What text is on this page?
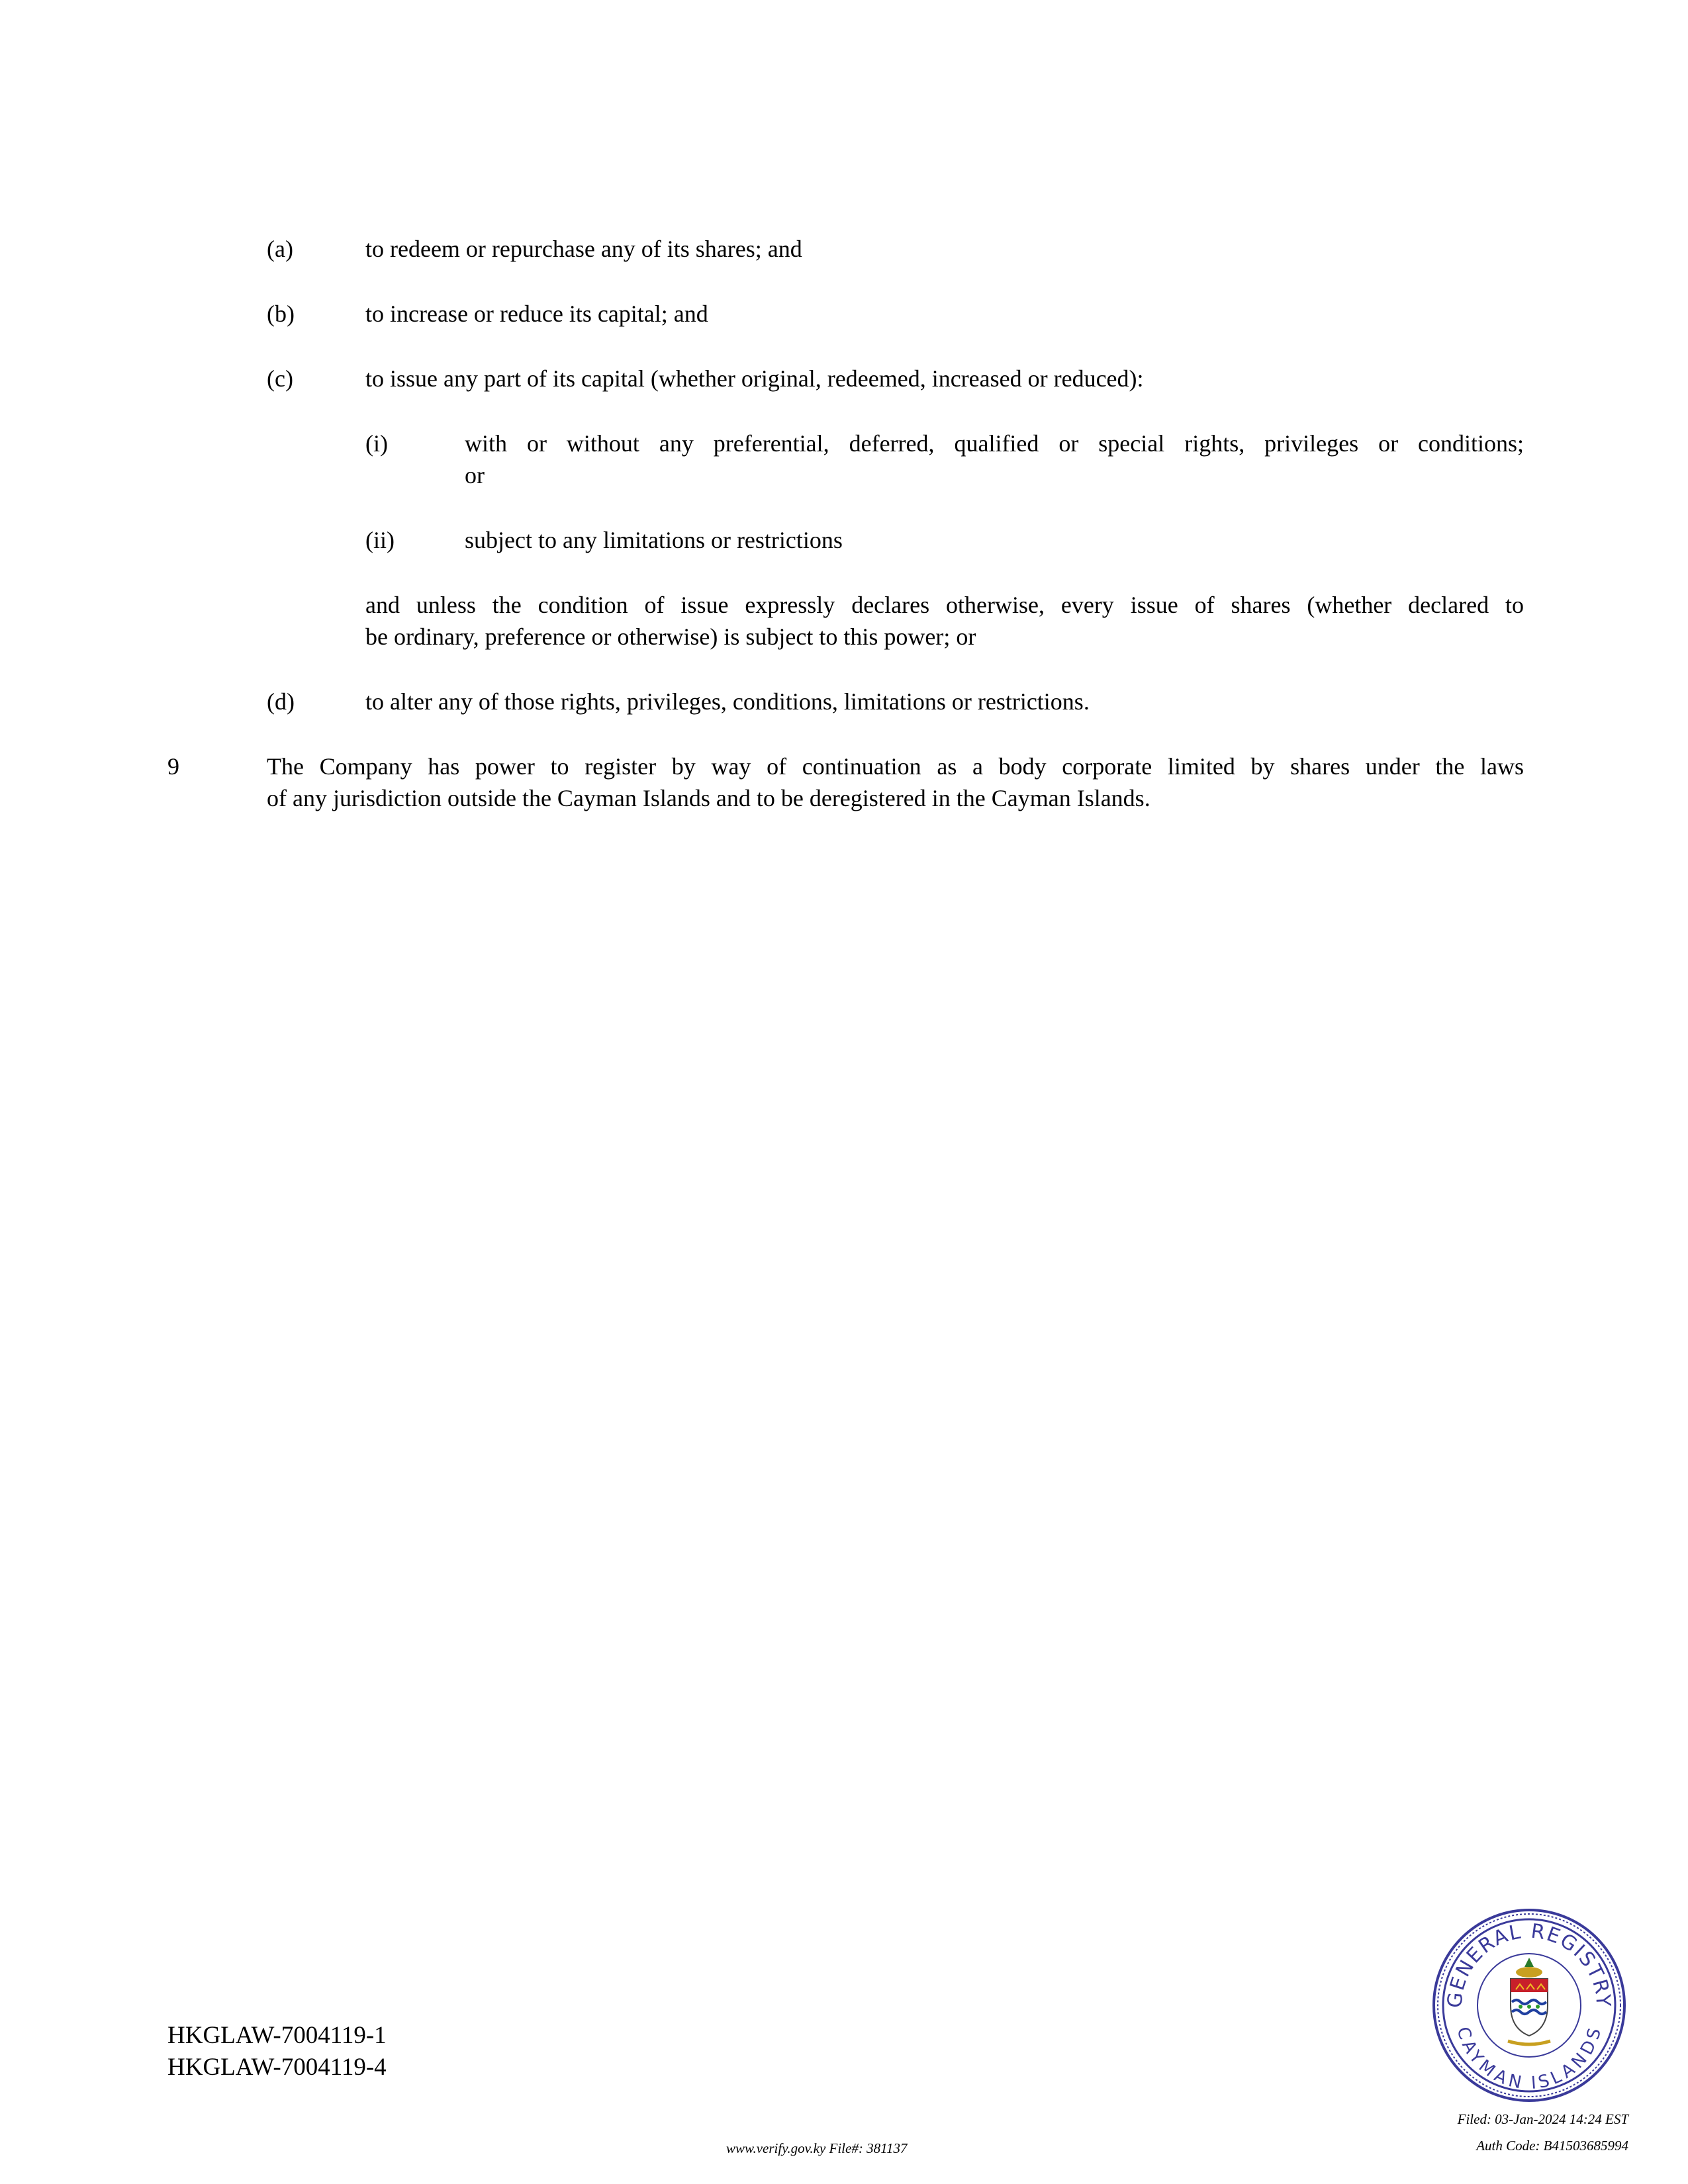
(a)	to redeem or repurchase any of its shares; and

(b)	to increase or reduce its capital; and

(c)	to issue any part of its capital (whether original, redeemed, increased or reduced):

(i)	with or without any preferential, deferred, qualified or special rights, privileges or conditions;

or

(ii)	subject to any limitations or restrictions

and unless the condition of issue expressly declares otherwise, every issue of shares (whether declared to

be ordinary, preference or otherwise) is subject to this power; or

(d)	to alter any of those rights, privileges, conditions, limitations or restrictions.

9	The Company has power to register by way of continuation as a body corporate limited by shares under the laws

of any jurisdiction outside the Cayman Islands and to be deregistered in the Cayman Islands.

HKGLAW-7004119-1
HKGLAW-7004119-4
GENERAL REGISTRY
CAYMAN ISLANDS
Filed: 03-Jan-2024 14:24 EST
Auth Code: B41503685994
www.verify.gov.ky File#: 381137
